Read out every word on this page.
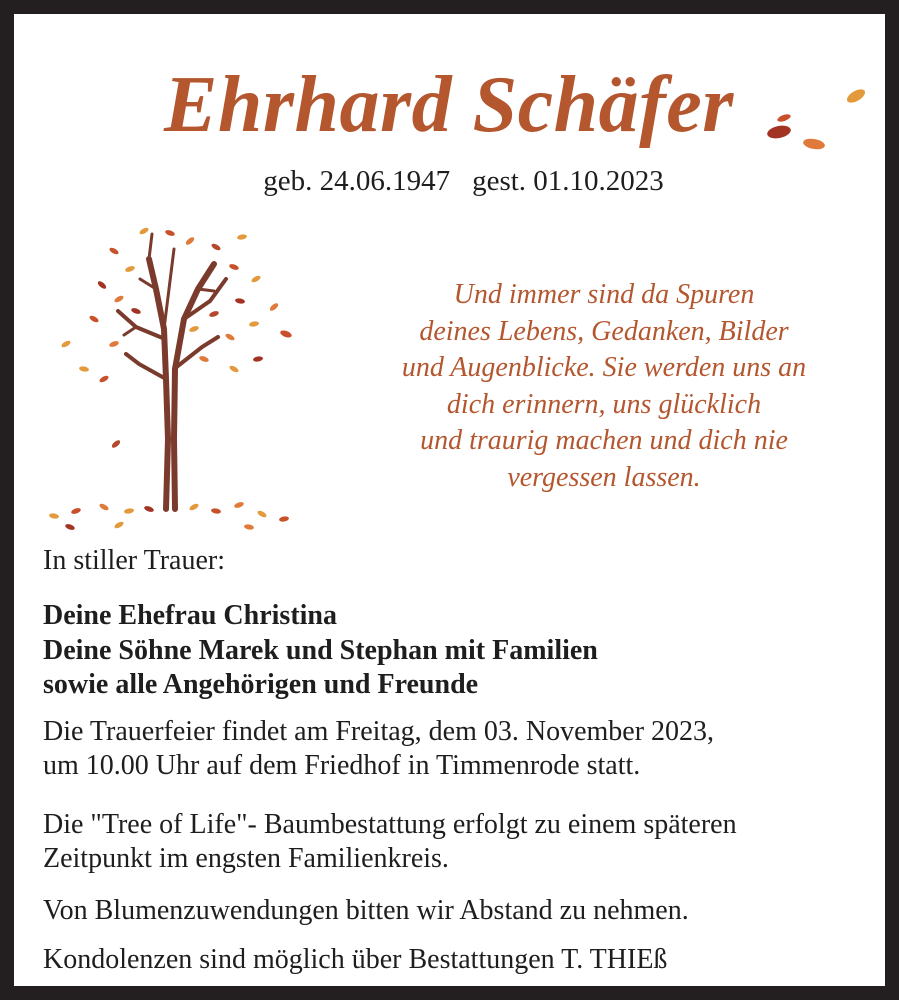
Ehrhard Schäfer
geb. 24.06.1947 gest. 01.10.2023
Und immer sind da Spuren
deines Lebens, Gedanken, Bilder
und Augenblicke. Sie werden uns an
dich erinnern, uns glücklich
und traurig machen und dich nie
vergessen lassen.
In stiller Trauer:
Deine Ehefrau Christina
Deine Söhne Marek und Stephan mit Familien
sowie alle Angehörigen und Freunde
Die Trauerfeier findet am Freitag, dem 03. November 2023,
um 10.00 Uhr auf dem Friedhof in Timmenrode statt.
Die "Tree of Life"- Baumbestattung erfolgt zu einem späteren
Zeitpunkt im engsten Familienkreis.
Von Blumenzuwendungen bitten wir Abstand zu nehmen.
Kondolenzen sind möglich über Bestattungen T. THIEß
